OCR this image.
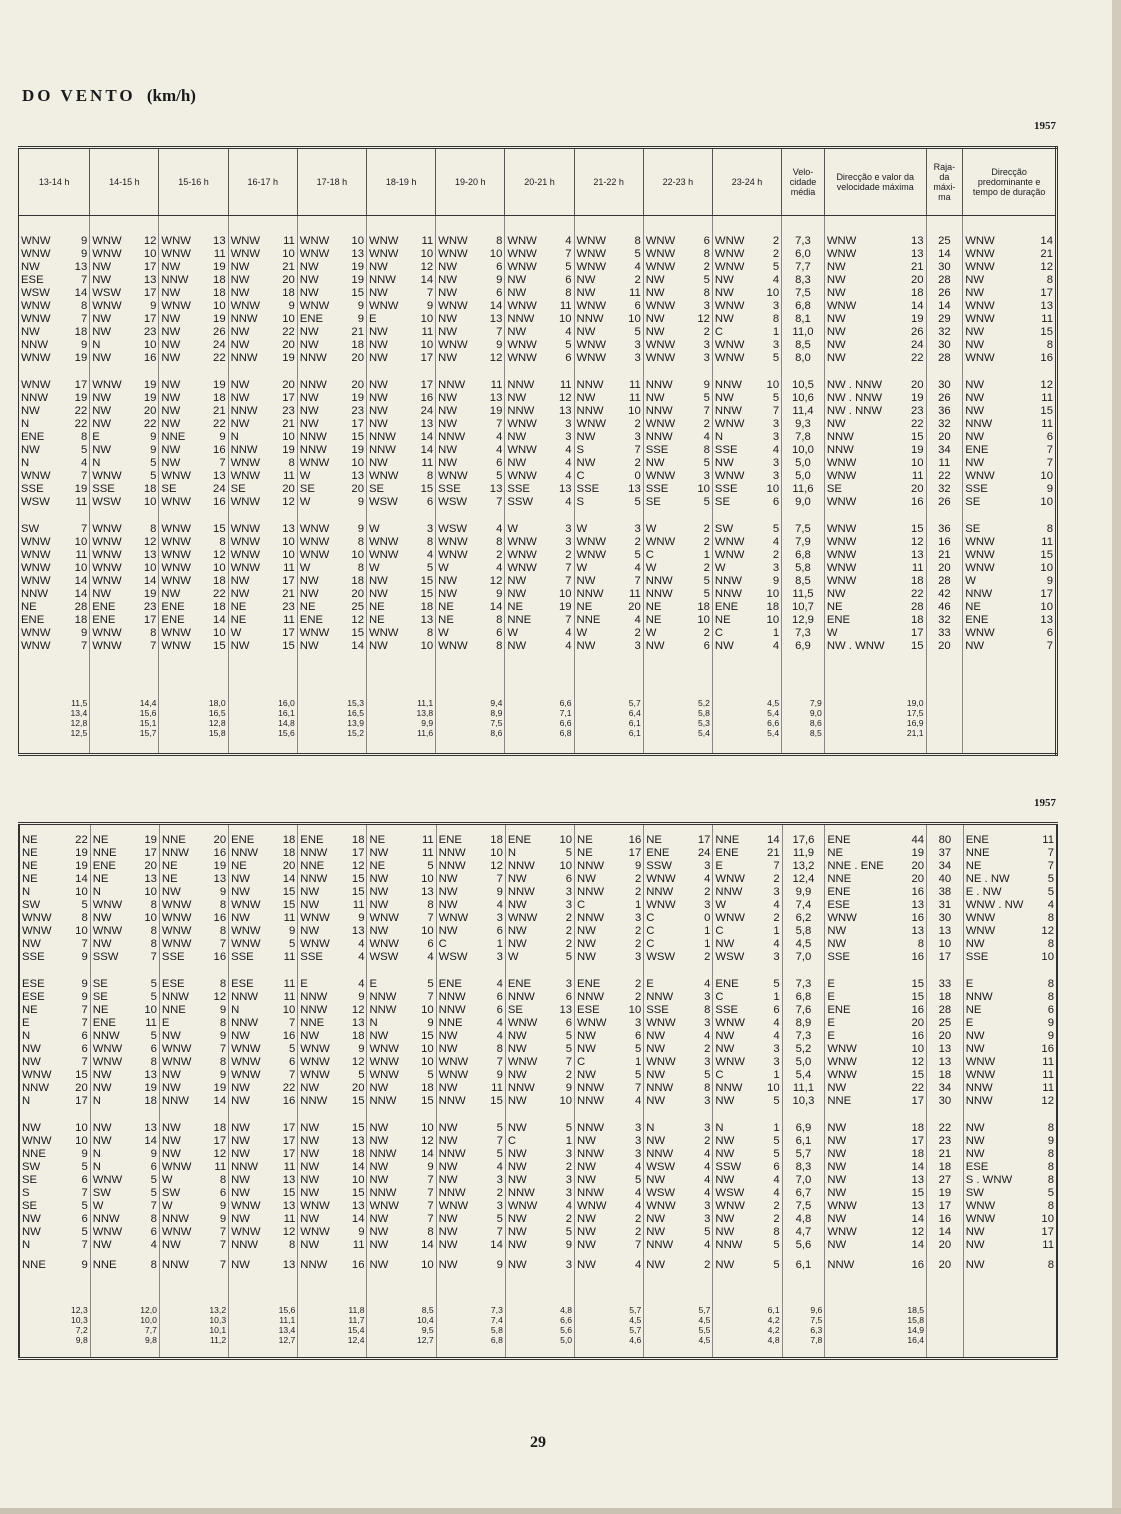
DO VENTO (km/h)
1957
1957
13-14 h	14-15 h	15-16 h	16-17 h	17-18 h	18-19 h	19-20 h	20-21 h	21-22 h	22-23 h	23-24 h	Velo- cidade média	Direcção e valor da velocidade máxima	Raja- da máxi- ma	Direcção predominante e tempo de duração

WNW 9	WNW 12	WNW 13	WNW 11	WNW 10	WNW 11	WNW 8	WNW 4	WNW 8	WNW 6	WNW 2	7,3	WNW 13	25	WNW 14

WNW 9	WNW 10	WNW 11	WNW 10	WNW 13	WNW 10	WNW 10	WNW 7	WNW 5	WNW 8	WNW 2	6,0	WNW 13	14	WNW 21

NW 13	NW 17	NW 19	NW 21	NW 19	NW 12	NW 6	WNW 5	WNW 4	WNW 2	WNW 5	7,7	NW 21	30	WNW 12

ESE 7	NW 13	NNW 18	NW 20	NW 19	NNW 14	NW 9	NW 6	NW 2	NW 5	NW 4	8,3	NW 20	28	NW 8

WSW 14	WSW 17	NW 18	NW 18	NW 15	NW 7	NW 6	NW 8	NW 11	NW 8	NW 10	7,5	NW 18	26	NW 17

WNW 8	WNW 9	WNW 10	WNW 9	WNW 9	WNW 9	WNW 14	WNW 11	WNW 6	WNW 3	WNW 3	6,8	WNW 14	14	WNW 13

WNW 7	NW 17	NW 19	NNW 10	ENE 9	E 10	NW 13	NNW 10	NNW 10	NW 12	NW 8	8,1	NW 19	29	WNW 11

NW 18	NW 23	NW 26	NW 22	NW 21	NW 11	NW 7	NW 4	NW 5	NW 2	C 1	11,0	NW 26	32	NW 15

NNW 9	N 10	NW 24	NW 20	NW 18	NW 10	WNW 9	WNW 5	WNW 3	WNW 3	WNW 3	8,5	NW 24	30	NW 8

WNW 19	NW 16	NW 22	NNW 19	NNW 20	NW 17	NW 12	WNW 6	WNW 3	WNW 3	WNW 5	8,0	NW 22	28	WNW 16

WNW 17	WNW 19	NW 19	NW 20	NNW 20	NW 17	NNW 11	NNW 11	NNW 11	NNW 9	NNW 10	10,5	NW . NNW 20	30	NW 12

NNW 19	NW 19	NW 18	NW 17	NW 19	NW 16	NW 13	NW 12	NW 11	NW 5	NW 5	10,6	NW . NNW 19	26	NW 11

NW 22	NW 20	NW 21	NNW 23	NW 23	NW 24	NW 19	NNW 13	NNW 10	NNW 7	NNW 7	11,4	NW . NNW 23	36	NW 15

N 22	NW 22	NW 22	NW 21	NW 17	NW 13	NW 7	WNW 3	WNW 2	WNW 2	WNW 3	9,3	NW 22	32	NNW 11

ENE 8	E 9	NNE 9	N 10	NNW 15	NNW 14	NNW 4	NW 3	NW 3	NNW 4	N 3	7,8	NNW 15	20	NW 6

NW 5	NW 9	NW 16	NNW 19	NNW 19	NNW 14	NW 4	WNW 4	S 7	SSE 8	SSE 4	10,0	NNW 19	34	ENE 7

N 4	N 5	NW 7	WNW 8	WNW 10	NW 11	NW 6	NW 4	NW 2	NW 5	NW 3	5,0	WNW 10	11	NW 7

WNW 7	WNW 5	WNW 13	WNW 11	W 13	WNW 8	WNW 5	WNW 4	C 0	WNW 3	WNW 3	5,0	WNW 11	22	WNW 10

SSE 19	SSE 18	SE 24	SE 20	SE 20	SE 15	SSE 13	SSE 13	SSE 13	SSE 10	SSE 10	11,6	SE 20	32	SSE 9

WSW 11	WSW 10	WNW 16	WNW 12	W 9	WSW 6	WSW 7	SSW 4	S 5	SE 5	SE 6	9,0	WNW 16	26	SE 10

SW 7	WNW 8	WNW 15	WNW 13	WNW 9	W 3	WSW 4	W 3	W 3	W 2	SW 5	7,5	WNW 15	36	SE 8

WNW 10	WNW 12	WNW 8	WNW 10	WNW 8	WNW 8	WNW 8	WNW 3	WNW 2	WNW 2	WNW 4	7,9	WNW 12	16	WNW 11

WNW 11	WNW 13	WNW 12	WNW 10	WNW 10	WNW 4	WNW 2	WNW 2	WNW 5	C 1	WNW 2	6,8	WNW 13	21	WNW 15

WNW 10	WNW 10	WNW 10	WNW 11	W 8	W 5	W 4	WNW 7	W 4	W 2	W 3	5,8	WNW 11	20	WNW 10

WNW 14	WNW 14	WNW 18	NW 17	NW 18	NW 15	NW 12	NW 7	NW 7	NNW 5	NNW 9	8,5	WNW 18	28	W 9

NNW 14	NW 19	NW 22	NW 21	NW 20	NW 15	NW 9	NW 10	NNW 11	NNW 5	NNW 10	11,5	NW 22	42	NNW 17

NE 28	ENE 23	ENE 18	NE 23	NE 25	NE 18	NE 14	NE 19	NE 20	NE 18	ENE 18	10,7	NE 28	46	NE 10

ENE 18	ENE 17	ENE 14	NE 11	ENE 12	NE 13	NE 8	NNE 7	NNE 4	NE 10	NE 10	12,9	ENE 18	32	ENE 13

WNW 9	WNW 8	WNW 10	W 17	WNW 15	WNW 8	W 6	W 4	W 2	W 2	C 1	7,3	W 17	33	WNW 6

WNW 7	WNW 7	WNW 15	NW 15	NW 14	NW 10	WNW 8	NW 4	NW 3	NW 6	NW 4	6,9	NW . WNW 15	20	NW 7

11,5	14,4	18,0	16,0	15,3	11,1	9,4	6,6	5,7	5,2	4,5	7,9	19,0		
13,4	15,6	16,5	16,1	16,5	13,8	8,9	7,1	6,4	5,8	5,4	9,0	17,5		
12,8	15,1	12,8	14,8	13,9	9,9	7,5	6,6	6,1	5,3	6,6	8,6	16,9		
12,5	15,7	15,8	15,6	15,2	11,6	8,6	6,8	6,1	5,4	5,4	8,5	21,1		

NE 22	NE 19	NNE 20	ENE 18	ENE 18	NE 11	ENE 18	ENE 10	NE 16	NE 17	NNE 14	17,6	ENE 44	80	ENE 11

NE 19	NNE 17	NNW 16	NNW 18	NNW 17	NW 11	NNW 10	N 5	NE 17	ENE 24	ENE 21	11,9	NE 19	37	NNE 7

NE 19	ENE 20	NE 19	NE 20	NNE 12	NE 5	NNW 12	NNW 10	NNW 9	SSW 3	E 7	13,2	NNE . ENE 20	34	NE 7

NE 14	NE 13	NE 13	NW 14	NNW 15	NW 10	NW 7	NW 6	NW 2	WNW 4	WNW 2	12,4	NNE 20	40	NE . NW 5

N 10	N 10	NW 9	NW 15	NW 15	NW 13	NW 9	NNW 3	NNW 2	NNW 2	NNW 3	9,9	ENE 16	38	E . NW 5

SW 5	WNW 8	WNW 8	WNW 15	NW 11	NW 8	NW 4	NW 3	C 1	WNW 3	W 4	7,4	ESE 13	31	WNW . NW 4

WNW 8	NW 10	WNW 16	NW 11	WNW 9	WNW 7	WNW 3	WNW 2	NNW 3	C 0	WNW 2	6,2	WNW 16	30	WNW 8

WNW 10	WNW 8	WNW 8	WNW 9	NW 13	NW 10	NW 6	NW 2	NW 2	C 1	C 1	5,8	NW 13	13	WNW 12

NW 7	NW 8	WNW 7	WNW 5	WNW 4	WNW 6	C 1	NW 2	NW 2	C 1	NW 4	4,5	NW 8	10	NW 8

SSE 9	SSW 7	SSE 16	SSE 11	SSE 4	WSW 4	WSW 3	W 5	NW 3	WSW 2	WSW 3	7,0	SSE 16	17	SSE 10

ESE 9	SE 5	ESE 8	ESE 11	E 4	E 5	ENE 4	ENE 3	ENE 2	E 4	ENE 5	7,3	E 15	33	E 8

ESE 9	SE 5	NNW 12	NNW 11	NNW 9	NNW 7	NNW 6	NNW 6	NNW 2	NNW 3	C 1	6,8	E 15	18	NNW 8

NE 7	NE 10	NNE 9	N 10	NNW 12	NNW 10	NNW 6	SE 13	ESE 10	SSE 8	SSE 6	7,6	ENE 16	28	NE 6

E 7	ENE 11	E 8	NNW 7	NNE 13	N 9	NNE 4	WNW 6	WNW 3	WNW 3	WNW 4	8,9	E 20	25	E 9

N 6	NNW 5	NW 9	NW 16	NW 18	NW 15	NW 4	NW 5	NW 6	NW 4	NW 4	7,3	E 16	20	NW 9

NW 6	WNW 6	WNW 7	WNW 5	WNW 9	WNW 10	NW 8	NW 5	NW 5	NW 2	NW 3	5,2	WNW 10	13	NW 16

NW 7	WNW 8	WNW 8	WNW 6	WNW 12	WNW 10	WNW 7	WNW 7	C 1	WNW 3	WNW 3	5,0	WNW 12	13	WNW 11

WNW 15	NW 13	NW 9	WNW 7	WNW 5	WNW 5	WNW 9	NW 2	NW 5	NW 5	C 1	5,4	WNW 15	18	WNW 11

NNW 20	NW 19	NW 19	NW 22	NW 20	NW 18	NW 11	NNW 9	NNW 7	NNW 8	NNW 10	11,1	NW 22	34	NNW 11

N 17	N 18	NNW 14	NW 16	NNW 15	NNW 15	NNW 15	NW 10	NNW 4	NW 3	NW 5	10,3	NNE 17	30	NNW 12

NW 10	NW 13	NW 18	NW 17	NW 15	NW 10	NW 5	NW 5	NNW 3	N 3	N 1	6,9	NW 18	22	NW 8

WNW 10	NW 14	NW 17	NW 17	NW 13	NW 12	NW 7	C 1	NW 3	NW 2	NW 5	6,1	NW 17	23	NW 9

NNE 9	N 9	NW 12	NW 17	NW 18	NNW 14	NNW 5	NW 3	NNW 3	NNW 4	NW 5	5,7	NW 18	21	NW 8

SW 5	N 6	WNW 11	NNW 11	NW 14	NW 9	NW 4	NW 2	NW 4	WSW 4	SSW 6	8,3	NW 14	18	ESE 8

SE 6	WNW 5	W 8	NW 13	NW 10	NW 7	NW 3	NW 3	NW 5	NW 4	NW 4	7,0	NW 13	27	S . WNW 8

S 7	SW 5	SW 6	NW 15	NW 15	NNW 7	NNW 2	NNW 3	NNW 4	WSW 4	WSW 4	6,7	NW 15	19	SW 5

SE 5	W 7	W 9	WNW 13	WNW 13	WNW 7	WNW 3	WNW 4	WNW 4	WNW 3	WNW 2	7,5	WNW 13	17	WNW 8

NW 6	NNW 8	NNW 9	NW 11	NW 14	NW 7	NW 5	NW 2	NW 2	NW 3	NW 2	4,8	NW 14	16	WNW 10

NW 5	WNW 6	WNW 7	WNW 12	WNW 9	NW 8	NW 7	NW 5	NW 2	NW 5	NW 8	4,7	WNW 12	14	NW 17

N 7	NW 4	NW 7	NNW 8	NW 11	NW 14	NW 14	NW 9	NW 7	NNW 4	NNW 5	5,6	NW 14	20	NW 11

NNE 9	NNE 8	NNW 7	NW 13	NNW 16	NW 10	NW 9	NW 3	NW 4	NW 2	NW 5	6,1	NNW 16	20	NW 8

12,3	12,0	13,2	15,6	11,8	8,5	7,3	4,8	5,7	5,7	6,1	9,6	18,5		
10,3	10,0	10,3	11,1	11,7	10,4	7,4	6,6	4,5	4,5	4,2	7,5	15,8		
7,2	7,7	10,1	13,4	15,4	9,5	5,8	5,6	5,7	5,5	4,2	6,3	14,9		
9,8	9,8	11,2	12,7	12,4	12,7	6,8	5,0	4,6	4,5	4,8	7,8	16,4		

29
